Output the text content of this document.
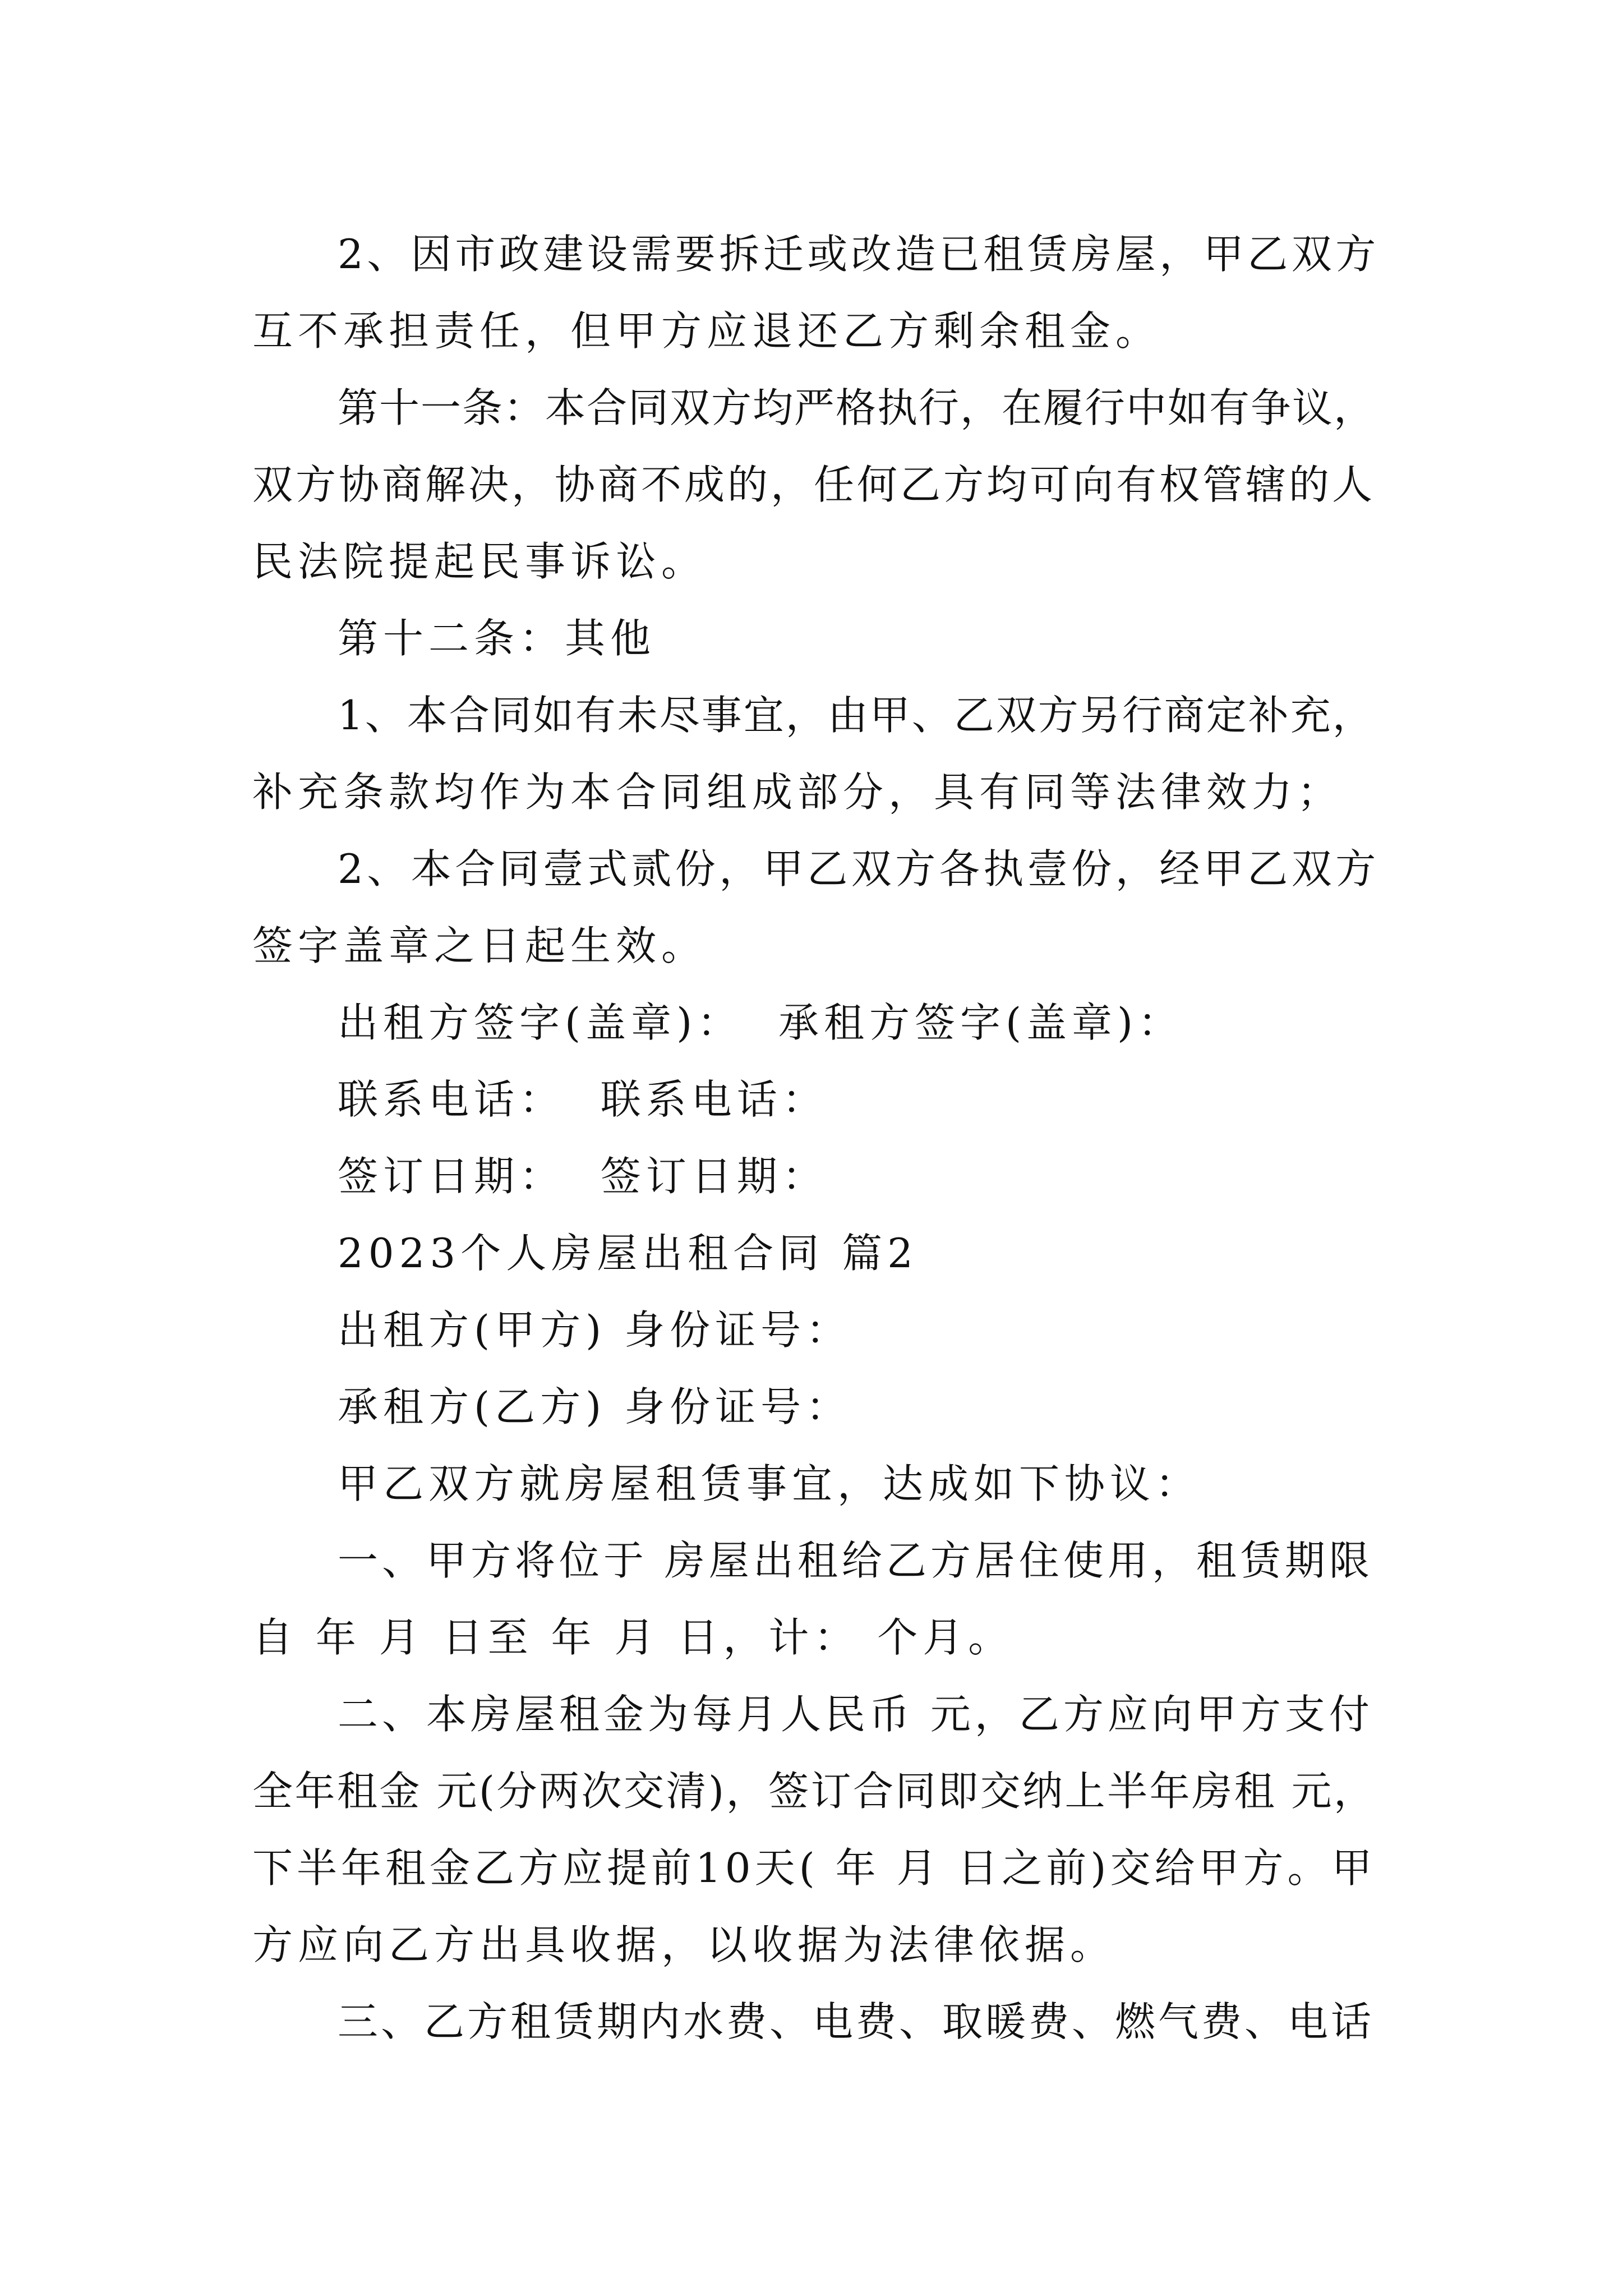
2、因市政建设需要拆迁或改造已租赁房屋，甲乙双方
互不承担责任，但甲方应退还乙方剩余租金。
第十一条：本合同双方均严格执行，在履行中如有争议，
双方协商解决，协商不成的，任何乙方均可向有权管辖的人
民法院提起民事诉讼。
第十二条：其他
1、本合同如有未尽事宜，由甲、乙双方另行商定补充，
补充条款均作为本合同组成部分，具有同等法律效力；
2、本合同壹式贰份，甲乙双方各执壹份，经甲乙双方
签字盖章之日起生效。
出租方签字(盖章)：  承租方签字(盖章)：
联系电话：  联系电话：
签订日期：  签订日期：
2023个人房屋出租合同 篇2
出租方(甲方) 身份证号：
承租方(乙方) 身份证号：
甲乙双方就房屋租赁事宜，达成如下协议：
一、甲方将位于 房屋出租给乙方居住使用，租赁期限
自 年 月 日至 年 月 日，计： 个月。
二、本房屋租金为每月人民币 元，乙方应向甲方支付
全年租金 元(分两次交清)，签订合同即交纳上半年房租 元，
下半年租金乙方应提前10天( 年 月 日之前)交给甲方。甲
方应向乙方出具收据，以收据为法律依据。
三、乙方租赁期内水费、电费、取暖费、燃气费、电话
